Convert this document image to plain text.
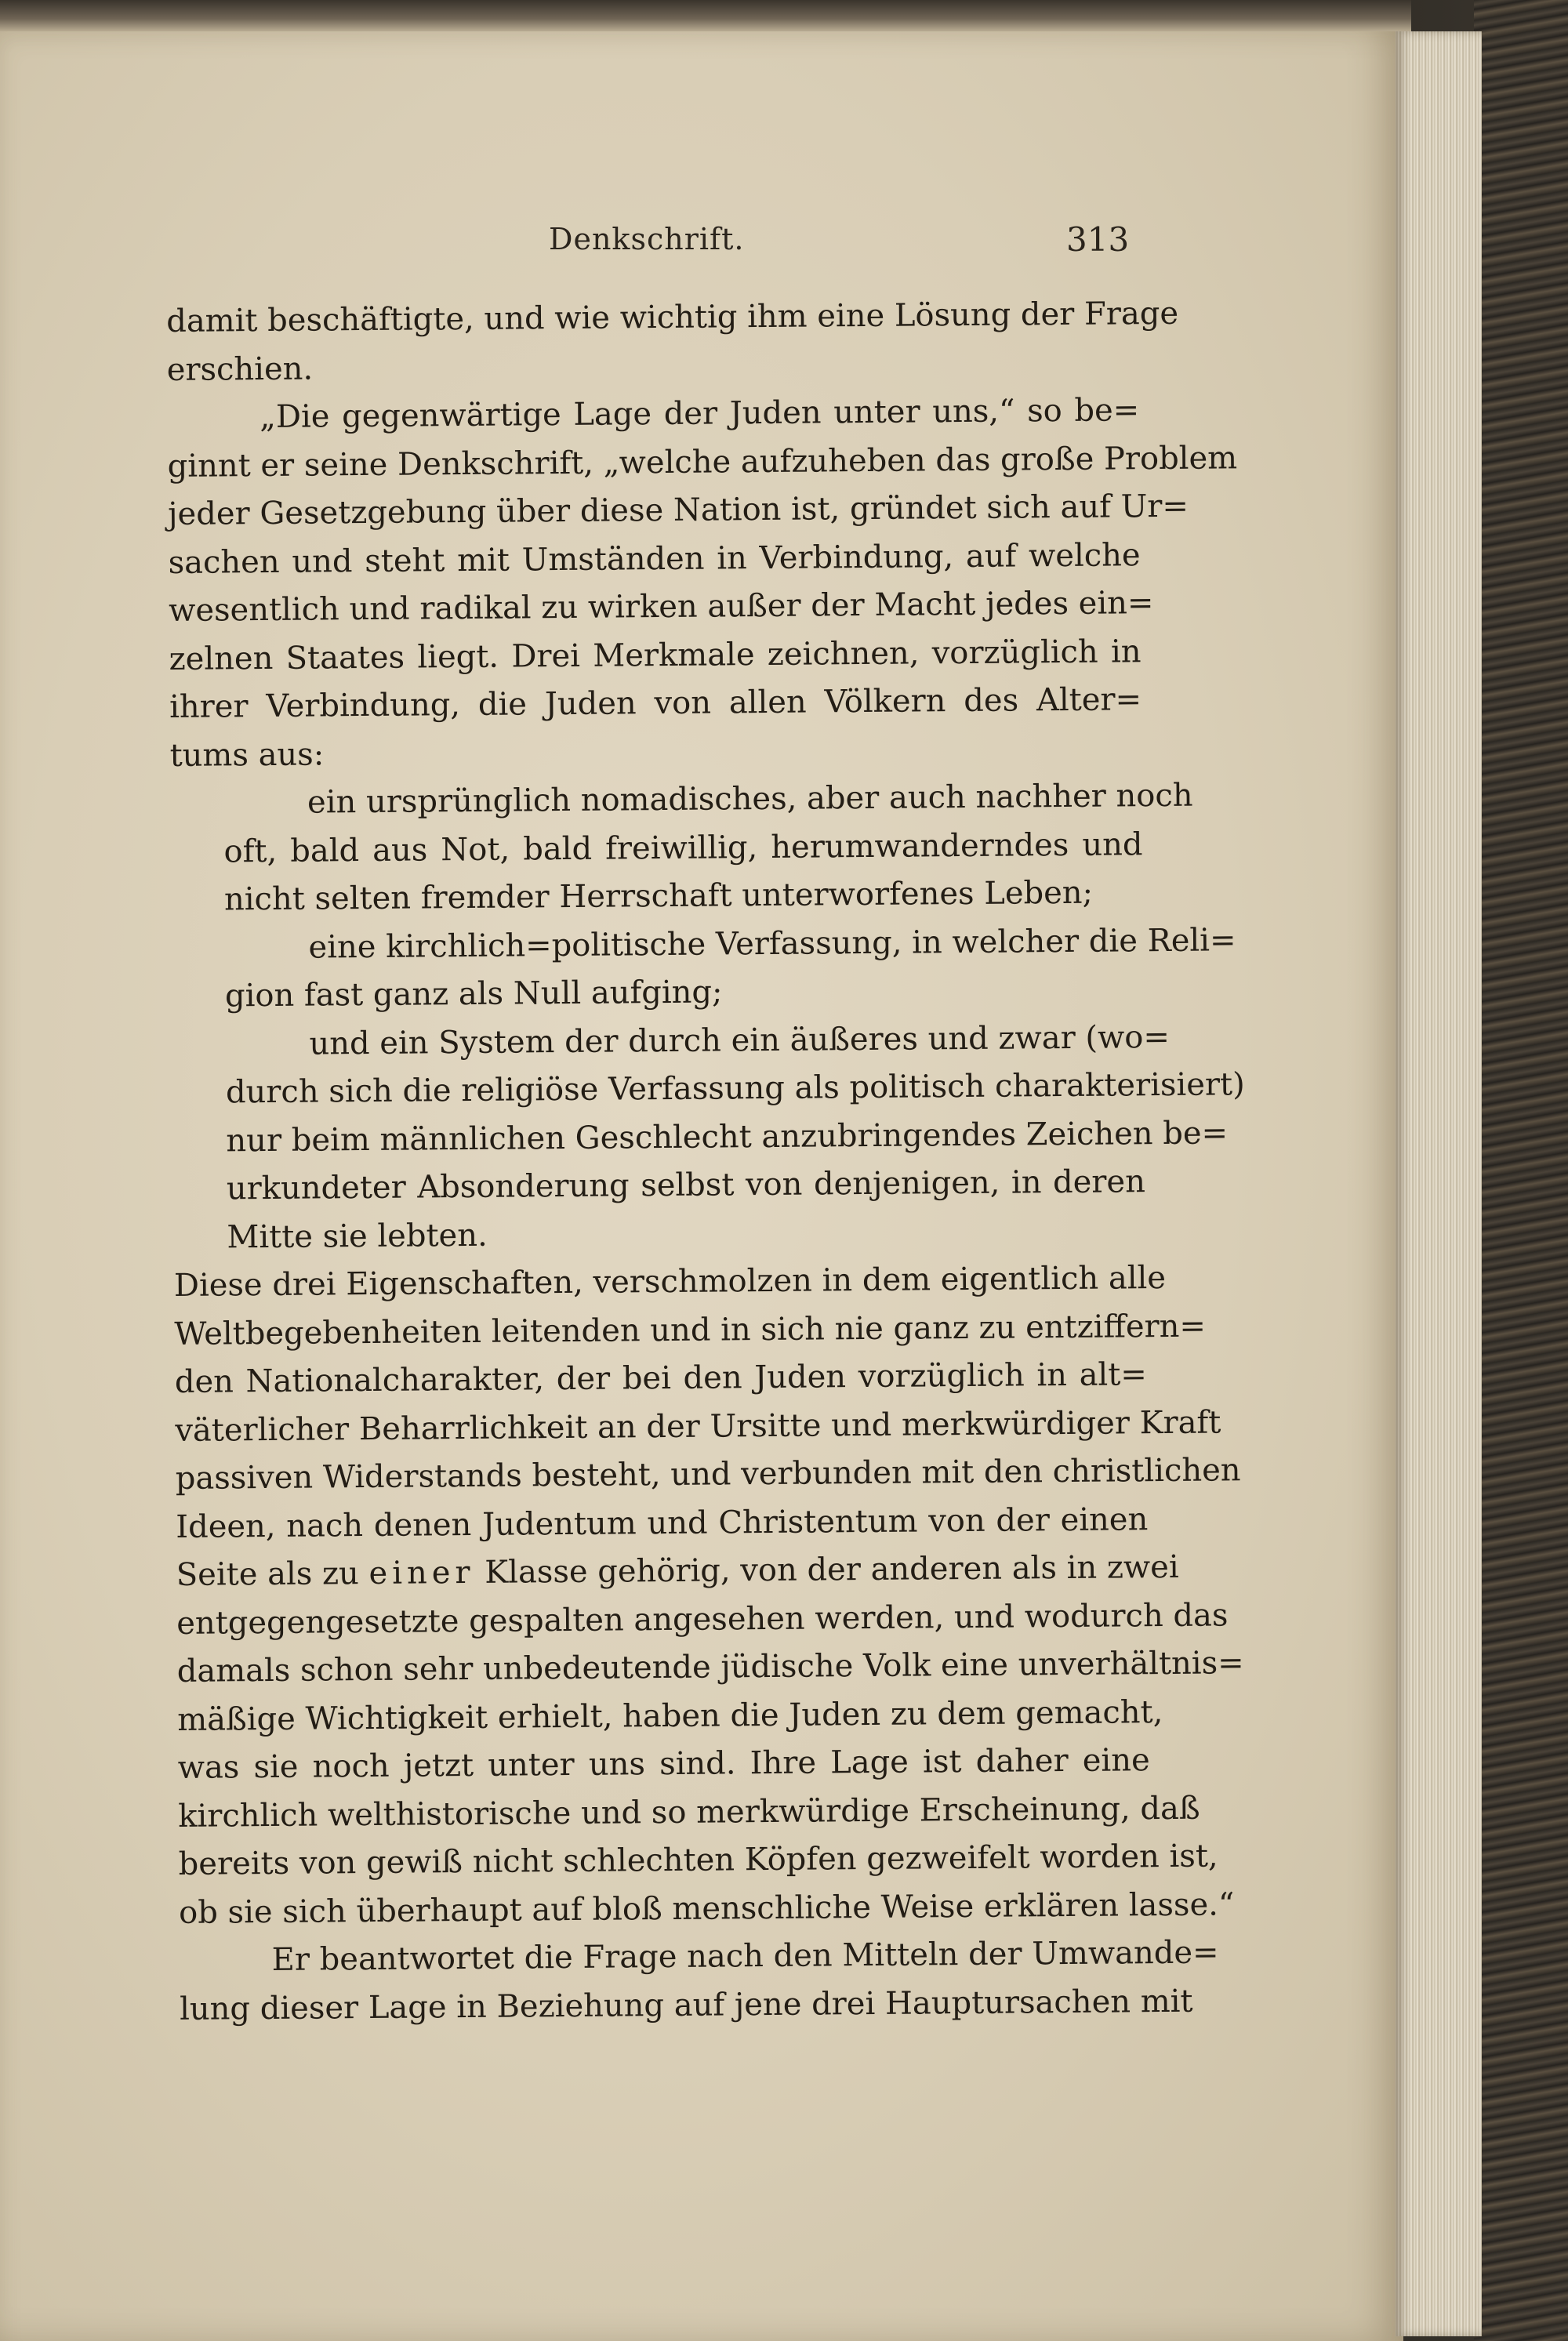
Denkschrift.	313
damit beschäftigte, und wie wichtig ihm eine Lösung der Frage
erschien.
„Die gegenwärtige Lage der Juden unter uns,“ so be=
ginnt er seine Denkschrift, „welche aufzuheben das große Problem
jeder Gesetzgebung über diese Nation ist, gründet sich auf Ur=
sachen und steht mit Umständen in Verbindung, auf welche
wesentlich und radikal zu wirken außer der Macht jedes ein=
zelnen Staates liegt. Drei Merkmale zeichnen, vorzüglich in
ihrer Verbindung, die Juden von allen Völkern des Alter=
tums aus:
ein ursprünglich nomadisches, aber auch nachher noch
oft, bald aus Not, bald freiwillig, herumwanderndes und
nicht selten fremder Herrschaft unterworfenes Leben;
eine kirchlich=politische Verfassung, in welcher die Reli=
gion fast ganz als Null aufging;
und ein System der durch ein äußeres und zwar (wo=
durch sich die religiöse Verfassung als politisch charakterisiert)
nur beim männlichen Geschlecht anzubringendes Zeichen be=
urkundeter Absonderung selbst von denjenigen, in deren
Mitte sie lebten.
Diese drei Eigenschaften, verschmolzen in dem eigentlich alle
Weltbegebenheiten leitenden und in sich nie ganz zu entziffern=
den Nationalcharakter, der bei den Juden vorzüglich in alt=
väterlicher Beharrlichkeit an der Ursitte und merkwürdiger Kraft
passiven Widerstands besteht, und verbunden mit den christlichen
Ideen, nach denen Judentum und Christentum von der einen
Seite als zu einer Klasse gehörig, von der anderen als in zwei
entgegengesetzte gespalten angesehen werden, und wodurch das
damals schon sehr unbedeutende jüdische Volk eine unverhältnis=
mäßige Wichtigkeit erhielt, haben die Juden zu dem gemacht,
was sie noch jetzt unter uns sind. Ihre Lage ist daher eine
kirchlich welthistorische und so merkwürdige Erscheinung, daß
bereits von gewiß nicht schlechten Köpfen gezweifelt worden ist,
ob sie sich überhaupt auf bloß menschliche Weise erklären lasse.“
Er beantwortet die Frage nach den Mitteln der Umwande=
lung dieser Lage in Beziehung auf jene drei Hauptursachen mit
